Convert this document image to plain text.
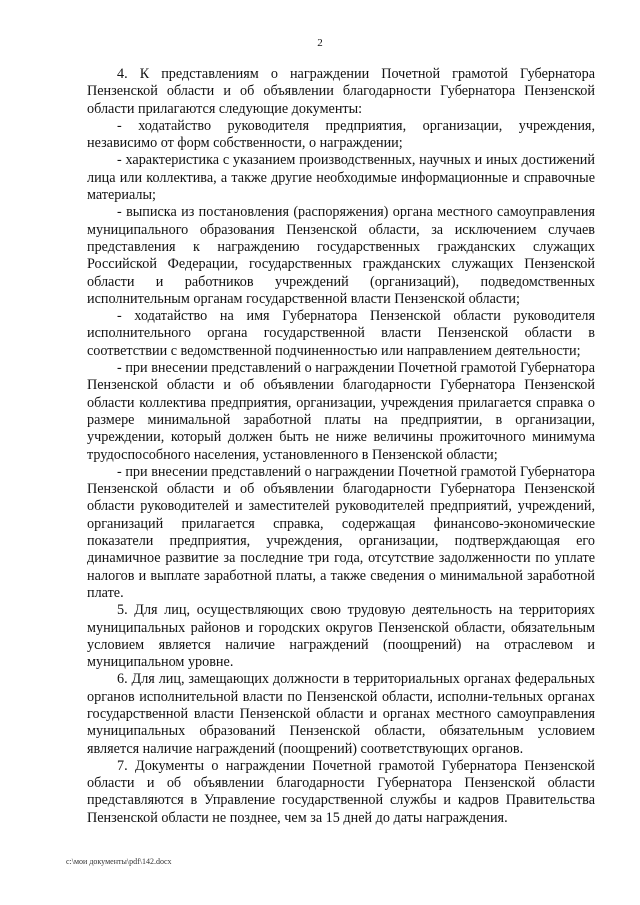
2

4. К представлениям о награждении Почетной грамотой Губернатора Пензенской области и об объявлении благодарности Губернатора Пензенской области прилагаются следующие документы:

- ходатайство руководителя предприятия, организации, учреждения, независимо от форм собственности, о награждении;

- характеристика с указанием производственных, научных и иных достижений лица или коллектива, а также другие необходимые информационные и справочные материалы;

- выписка из постановления (распоряжения) органа местного самоуправления муниципального образования Пензенской области, за исключением случаев представления к награждению государственных гражданских служащих Российской Федерации, государственных гражданских служащих Пензенской области и работников учреждений (организаций), подведомственных исполнительным органам государственной власти Пензенской области;

- ходатайство на имя Губернатора Пензенской области руководителя исполнительного органа государственной власти Пензенской области в соответствии с ведомственной подчиненностью или направлением деятельности;

- при внесении представлений о награждении Почетной грамотой Губернатора Пензенской области и об объявлении благодарности Губернатора Пензенской области коллектива предприятия, организации, учреждения прилагается справка о размере минимальной заработной платы на предприятии, в организации, учреждении, который должен быть не ниже величины прожиточного минимума трудоспособного населения, установленного в Пензенской области;

- при внесении представлений о награждении Почетной грамотой Губернатора Пензенской области и об объявлении благодарности Губернатора Пензенской области руководителей и заместителей руководителей предприятий, учреждений, организаций прилагается справка, содержащая финансово-экономические показатели предприятия, учреждения, организации, подтверждающая его динамичное развитие за последние три года, отсутствие задолженности по уплате налогов и выплате заработной платы, а также сведения о минимальной заработной плате.

5. Для лиц, осуществляющих свою трудовую деятельность на территориях муниципальных районов и городских округов Пензенской области, обязательным условием является наличие награждений (поощрений) на отраслевом и муниципальном уровне.

6. Для лиц, замещающих должности в территориальных органах федеральных органов исполнительной власти по Пензенской области, исполни-тельных органах государственной власти Пензенской области и органах местного самоуправления муниципальных образований Пензенской области, обязательным условием является наличие награждений (поощрений) соответствующих органов.

7. Документы о награждении Почетной грамотой Губернатора Пензенской области и об объявлении благодарности Губернатора Пензенской области представляются в Управление государственной службы и кадров Правительства Пензенской области не позднее, чем за 15 дней до даты награждения.

c:\мои документы\pdf\142.docx
